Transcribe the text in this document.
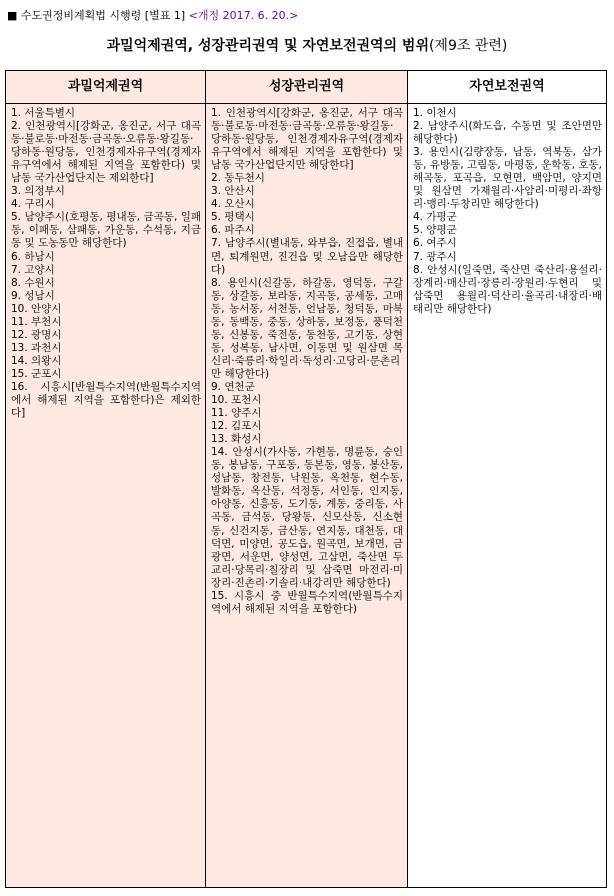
■ 수도권정비계획법 시행령 [별표 1] <개정 2017. 6. 20.>
과밀억제권역, 성장관리권역 및 자연보전권역의 범위(제9조 관련)
과밀억제권역
1. 서울특별시
2. 인천광역시[강화군, 옹진군, 서구 대곡동·불로동·마전동·금곡동·오류동·왕길동·당하동·원당동, 인천경제자유구역(경제자유구역에서 해제된 지역을 포함한다) 및 남동 국가산업단지는 제외한다]
3. 의정부시
4. 구리시
5. 남양주시(호평동, 평내동, 금곡동, 일패동, 이패동, 삼패동, 가운동, 수석동, 지금동 및 도농동만 해당한다)
6. 하남시
7. 고양시
8. 수원시
9. 성남시
10. 안양시
11. 부천시
12. 광명시
13. 과천시
14. 의왕시
15. 군포시
16. 시흥시[반월특수지역(반월특수지역에서 해제된 지역을 포함한다)은 제외한다]
성장관리권역
1. 인천광역시[강화군, 옹진군, 서구 대곡동·불로동·마전동·금곡동·오류동·왕길동·당하동·원당동, 인천경제자유구역(경제자유구역에서 해제된 지역을 포함한다) 및 남동 국가산업단지만 해당한다]
2. 동두천시
3. 안산시
4. 오산시
5. 평택시
6. 파주시
7. 남양주시(별내동, 와부읍, 진접읍, 별내면, 퇴계원면, 진건읍 및 오남읍만 해당한다)
8. 용인시(신갈동, 하갈동, 영덕동, 구갈동, 상갈동, 보라동, 지곡동, 공세동, 고매동, 농서동, 서천동, 언남동, 청덕동, 마북동, 동백동, 중동, 상하동, 보정동, 풍덕천동, 신봉동, 죽전동, 동천동, 고기동, 상현동, 성복동, 남사면, 이동면 및 원삼면 목신리·죽릉리·학일리·독성리·고당리·문촌리만 해당한다)
9. 연천군
10. 포천시
11. 양주시
12. 김포시
13. 화성시
14. 안성시(가사동, 가현동, 명륜동, 숭인동, 봉남동, 구포동, 동본동, 영동, 봉산동, 성남동, 창전동, 낙원동, 옥천동, 현수동, 발화동, 옥산동, 석정동, 서인동, 인지동, 아양동, 신흥동, 도기동, 계동, 중리동, 사곡동, 금석동, 당왕동, 신모산동, 신소현동, 신건지동, 금산동, 연지동, 대천동, 대덕면, 미양면, 공도읍, 원곡면, 보개면, 금광면, 서운면, 양성면, 고삼면, 죽산면 두교리·당목리·칠장리 및 삼죽면 마전리·미장리·진촌리·기솔리·내강리만 해당한다)
15. 시흥시 중 반월특수지역(반월특수지역에서 해제된 지역을 포함한다)
자연보전권역
1. 이천시
2. 남양주시(화도읍, 수동면 및 조안면만 해당한다)
3. 용인시(김량장동, 남동, 역북동, 삼가동, 유방동, 고림동, 마평동, 운학동, 호동, 해곡동, 포곡읍, 모현면, 백암면, 양지면 및 원삼면 가재월리·사암리·미평리·좌항리·맹리·두창리만 해당한다)
4. 가평군
5. 양평군
6. 여주시
7. 광주시
8. 안성시(일죽면, 죽산면 죽산리·용설리·장계리·매산리·장릉리·장원리·두현리 및 삼죽면 용월리·덕산리·율곡리·내장리·배태리만 해당한다)
